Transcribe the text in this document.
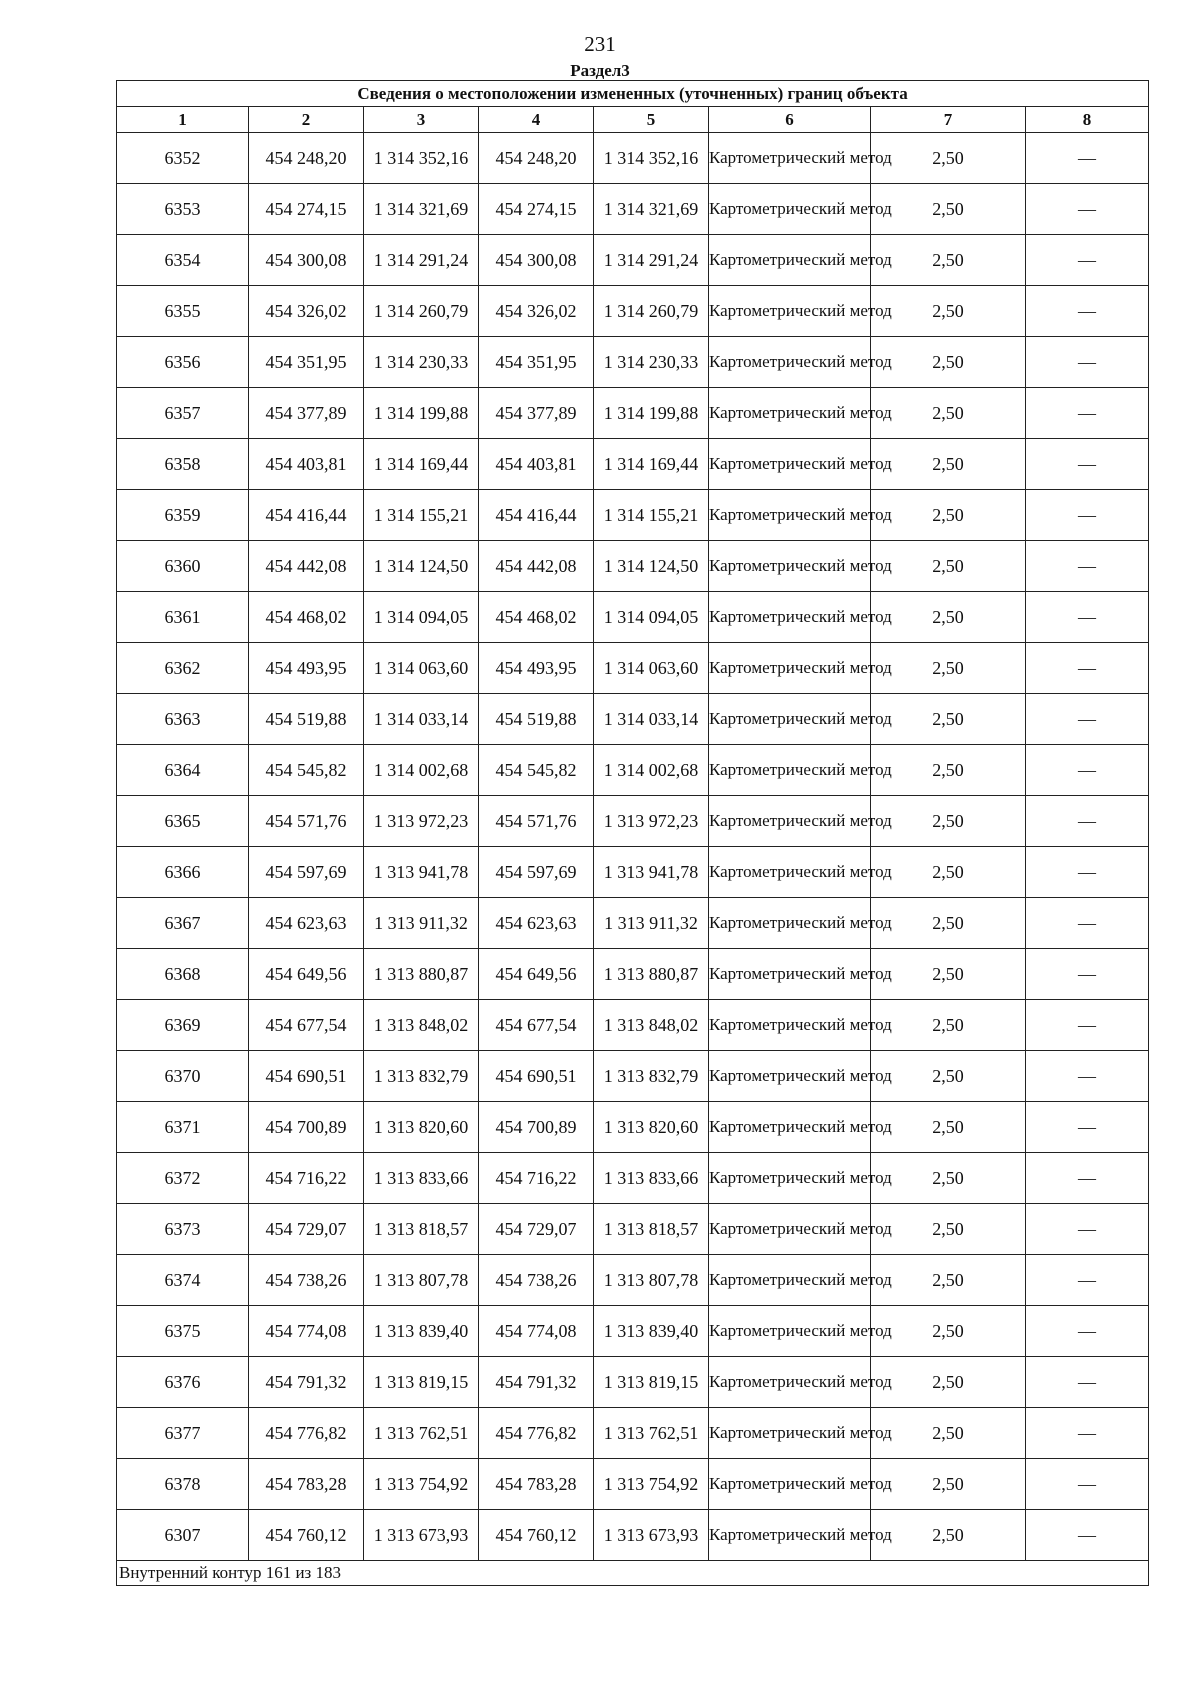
231
Раздел3
Сведения о местоположении измененных (уточненных) границ объекта							
1	2	3	4	5	6	7	8
6352	454 248,20	1 314 352,16	454 248,20	1 314 352,16	Картометрический метод	2,50	—
6353	454 274,15	1 314 321,69	454 274,15	1 314 321,69	Картометрический метод	2,50	—
6354	454 300,08	1 314 291,24	454 300,08	1 314 291,24	Картометрический метод	2,50	—
6355	454 326,02	1 314 260,79	454 326,02	1 314 260,79	Картометрический метод	2,50	—
6356	454 351,95	1 314 230,33	454 351,95	1 314 230,33	Картометрический метод	2,50	—
6357	454 377,89	1 314 199,88	454 377,89	1 314 199,88	Картометрический метод	2,50	—
6358	454 403,81	1 314 169,44	454 403,81	1 314 169,44	Картометрический метод	2,50	—
6359	454 416,44	1 314 155,21	454 416,44	1 314 155,21	Картометрический метод	2,50	—
6360	454 442,08	1 314 124,50	454 442,08	1 314 124,50	Картометрический метод	2,50	—
6361	454 468,02	1 314 094,05	454 468,02	1 314 094,05	Картометрический метод	2,50	—
6362	454 493,95	1 314 063,60	454 493,95	1 314 063,60	Картометрический метод	2,50	—
6363	454 519,88	1 314 033,14	454 519,88	1 314 033,14	Картометрический метод	2,50	—
6364	454 545,82	1 314 002,68	454 545,82	1 314 002,68	Картометрический метод	2,50	—
6365	454 571,76	1 313 972,23	454 571,76	1 313 972,23	Картометрический метод	2,50	—
6366	454 597,69	1 313 941,78	454 597,69	1 313 941,78	Картометрический метод	2,50	—
6367	454 623,63	1 313 911,32	454 623,63	1 313 911,32	Картометрический метод	2,50	—
6368	454 649,56	1 313 880,87	454 649,56	1 313 880,87	Картометрический метод	2,50	—
6369	454 677,54	1 313 848,02	454 677,54	1 313 848,02	Картометрический метод	2,50	—
6370	454 690,51	1 313 832,79	454 690,51	1 313 832,79	Картометрический метод	2,50	—
6371	454 700,89	1 313 820,60	454 700,89	1 313 820,60	Картометрический метод	2,50	—
6372	454 716,22	1 313 833,66	454 716,22	1 313 833,66	Картометрический метод	2,50	—
6373	454 729,07	1 313 818,57	454 729,07	1 313 818,57	Картометрический метод	2,50	—
6374	454 738,26	1 313 807,78	454 738,26	1 313 807,78	Картометрический метод	2,50	—
6375	454 774,08	1 313 839,40	454 774,08	1 313 839,40	Картометрический метод	2,50	—
6376	454 791,32	1 313 819,15	454 791,32	1 313 819,15	Картометрический метод	2,50	—
6377	454 776,82	1 313 762,51	454 776,82	1 313 762,51	Картометрический метод	2,50	—
6378	454 783,28	1 313 754,92	454 783,28	1 313 754,92	Картометрический метод	2,50	—
6307	454 760,12	1 313 673,93	454 760,12	1 313 673,93	Картометрический метод	2,50	—
Внутренний контур 161 из 183							
